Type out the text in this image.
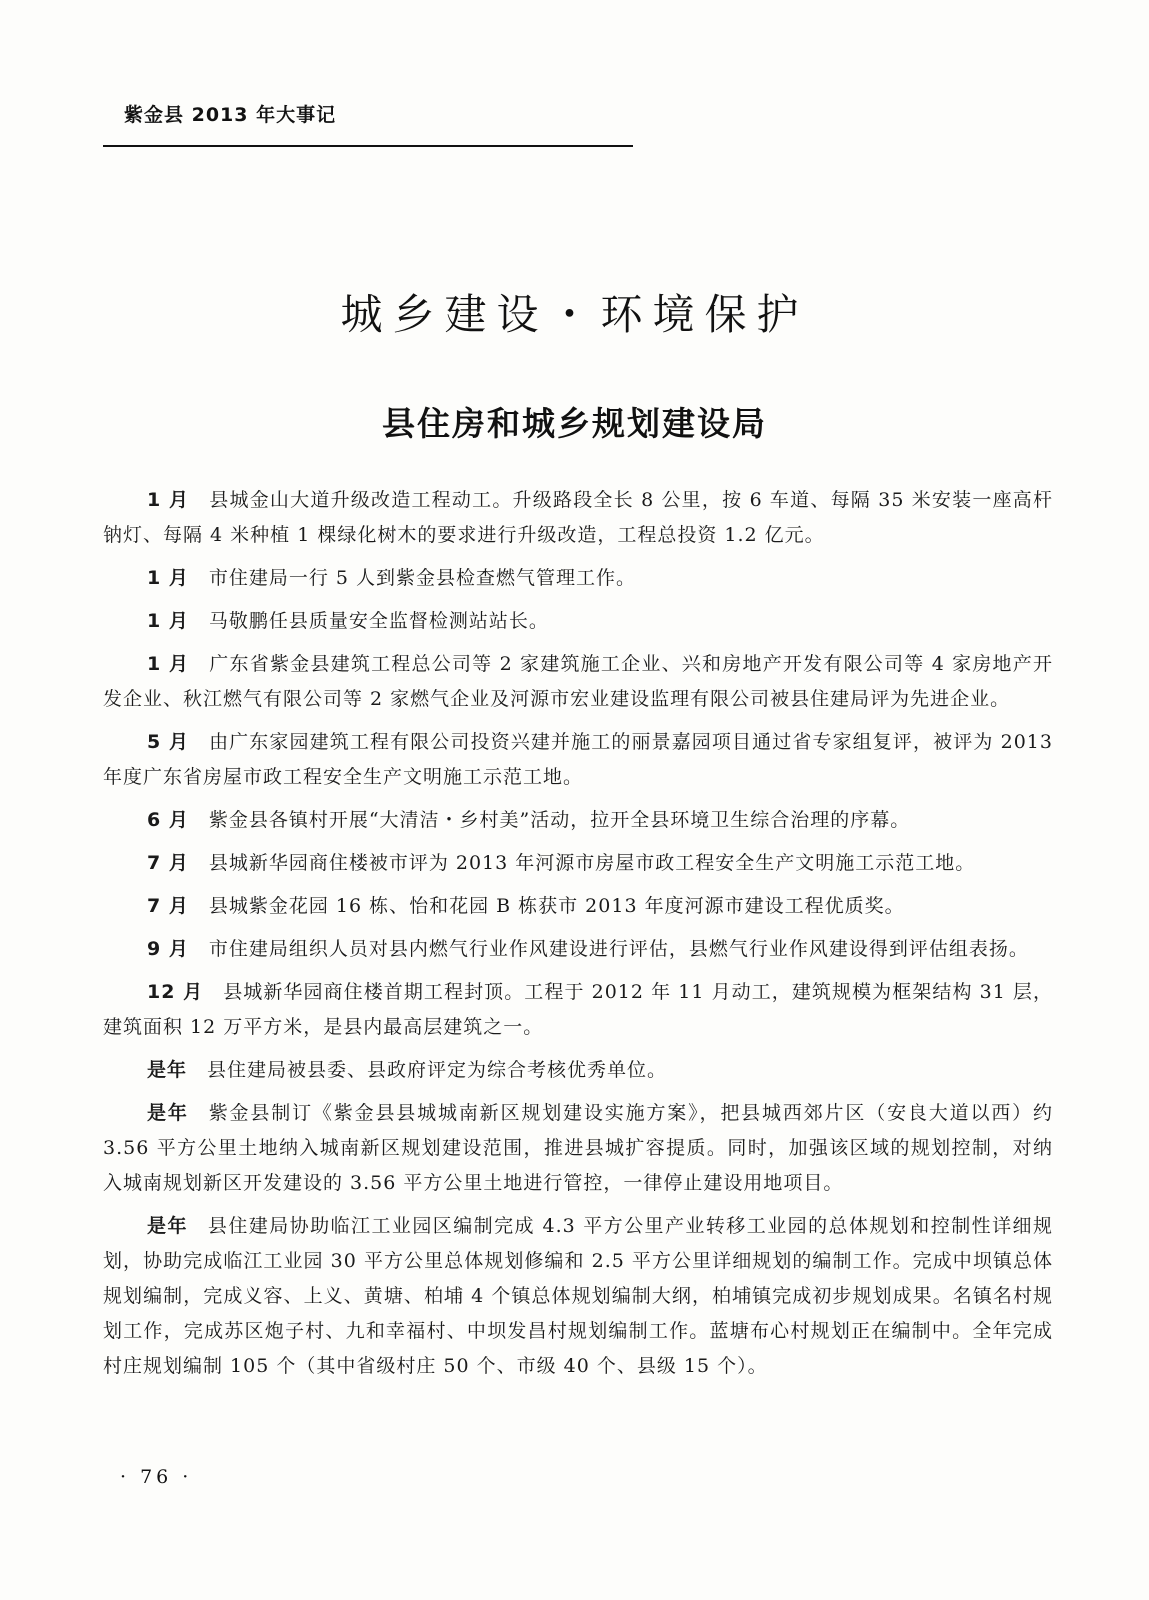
紫金县 2013 年大事记
城乡建设・环境保护
县住房和城乡规划建设局

1 月 县城金山大道升级改造工程动工。升级路段全长 8 公里，按 6 车道、每隔 35 米安装一座高杆钠灯、每隔 4 米种植 1 棵绿化树木的要求进行升级改造，工程总投资 1.2 亿元。

1 月 市住建局一行 5 人到紫金县检查燃气管理工作。

1 月 马敬鹏任县质量安全监督检测站站长。

1 月 广东省紫金县建筑工程总公司等 2 家建筑施工企业、兴和房地产开发有限公司等 4 家房地产开发企业、秋江燃气有限公司等 2 家燃气企业及河源市宏业建设监理有限公司被县住建局评为先进企业。

5 月 由广东家园建筑工程有限公司投资兴建并施工的丽景嘉园项目通过省专家组复评，被评为 2013 年度广东省房屋市政工程安全生产文明施工示范工地。

6 月 紫金县各镇村开展“大清洁・乡村美”活动，拉开全县环境卫生综合治理的序幕。

7 月 县城新华园商住楼被市评为 2013 年河源市房屋市政工程安全生产文明施工示范工地。

7 月 县城紫金花园 16 栋、怡和花园 B 栋获市 2013 年度河源市建设工程优质奖。

9 月 市住建局组织人员对县内燃气行业作风建设进行评估，县燃气行业作风建设得到评估组表扬。

12 月 县城新华园商住楼首期工程封顶。工程于 2012 年 11 月动工，建筑规模为框架结构 31 层，建筑面积 12 万平方米，是县内最高层建筑之一。

是年 县住建局被县委、县政府评定为综合考核优秀单位。

是年 紫金县制订《紫金县县城城南新区规划建设实施方案》，把县城西郊片区（安良大道以西）约 3.56 平方公里土地纳入城南新区规划建设范围，推进县城扩容提质。同时，加强该区域的规划控制，对纳入城南规划新区开发建设的 3.56 平方公里土地进行管控，一律停止建设用地项目。

是年 县住建局协助临江工业园区编制完成 4.3 平方公里产业转移工业园的总体规划和控制性详细规划，协助完成临江工业园 30 平方公里总体规划修编和 2.5 平方公里详细规划的编制工作。完成中坝镇总体规划编制，完成义容、上义、黄塘、柏埔 4 个镇总体规划编制大纲，柏埔镇完成初步规划成果。名镇名村规划工作，完成苏区炮子村、九和幸福村、中坝发昌村规划编制工作。蓝塘布心村规划正在编制中。全年完成村庄规划编制 105 个（其中省级村庄 50 个、市级 40 个、县级 15 个）。

· 76 ·
